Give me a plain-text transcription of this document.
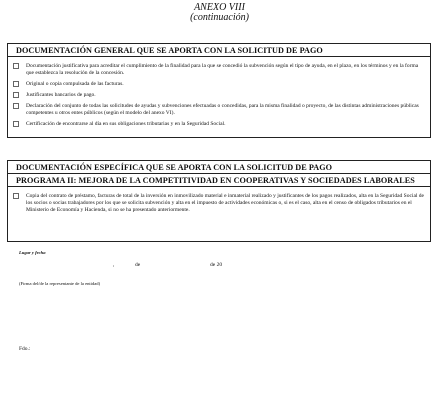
ANEXO VIII
(continuación)
DOCUMENTACIÓN GENERAL QUE SE APORTA CON LA SOLICITUD DE PAGO
Documentación justificativa para acreditar el cumplimiento de la finalidad para la que se concedió la subvención según el tipo de ayuda, en el plazo, en los términos y en la forma que establezca la resolución de la concesión.
Original o copia compulsada de las facturas.
Justificantes bancarios de pago.
Declaración del conjunto de todas las solicitudes de ayudas y subvenciones efectuadas o concedidas, para la misma finalidad o proyecto, de las distintas administraciones públicas competentes u otros entes públicos (según el modelo del anexo VI).
Certificación de encontrarse al día en sus obligaciones tributarias y en la Seguridad Social.
DOCUMENTACIÓN ESPECÍFICA QUE SE APORTA CON LA SOLICITUD DE PAGO
PROGRAMA II: MEJORA DE LA COMPETITIVIDAD EN COOPERATIVAS Y SOCIEDADES LABORALES
Copia del contrato de préstamo, facturas de total de la inversión en inmovilizado material e inmaterial realizado y justificantes de los pagos realizados, alta en la Seguridad Social de los socios o socias trabajadores por los que se solicita subvención y alta en el impuesto de actividades económicas o, si es el caso, alta en el censo de obligados tributarios en el Ministerio de Economía y Hacienda, si no se ha presentado anteriormente.
Lugar y fecha
,	de	de 20
(Firma del/de la representante de la entidad)
Fdo.:
